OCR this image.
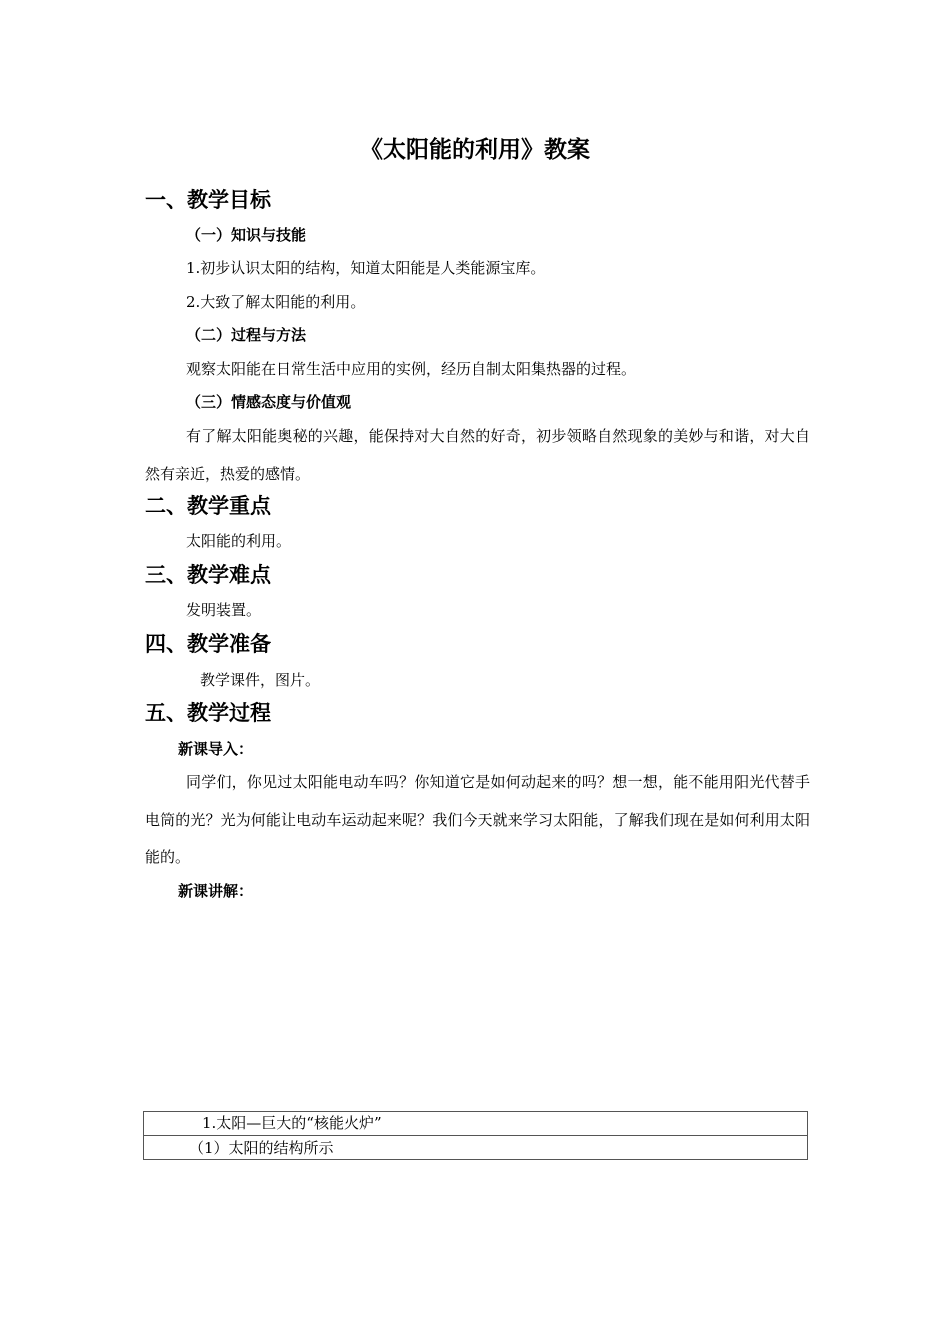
《太阳能的利用》教案
一、教学目标
（一）知识与技能
1.初步认识太阳的结构，知道太阳能是人类能源宝库。
2.大致了解太阳能的利用。
（二）过程与方法
观察太阳能在日常生活中应用的实例，经历自制太阳集热器的过程。
（三）情感态度与价值观
有了解太阳能奥秘的兴趣，能保持对大自然的好奇，初步领略自然现象的美妙与和谐，对大自然有亲近，热爱的感情。
二、教学重点
太阳能的利用。
三、教学难点
发明装置。
四、教学准备
教学课件，图片。
五、教学过程
新课导入：
同学们，你见过太阳能电动车吗？你知道它是如何动起来的吗？想一想，能不能用阳光代替手电筒的光？光为何能让电动车运动起来呢？我们今天就来学习太阳能，了解我们现在是如何利用太阳能的。
新课讲解：
1.太阳—巨大的“核能火炉”
（1）太阳的结构所示
